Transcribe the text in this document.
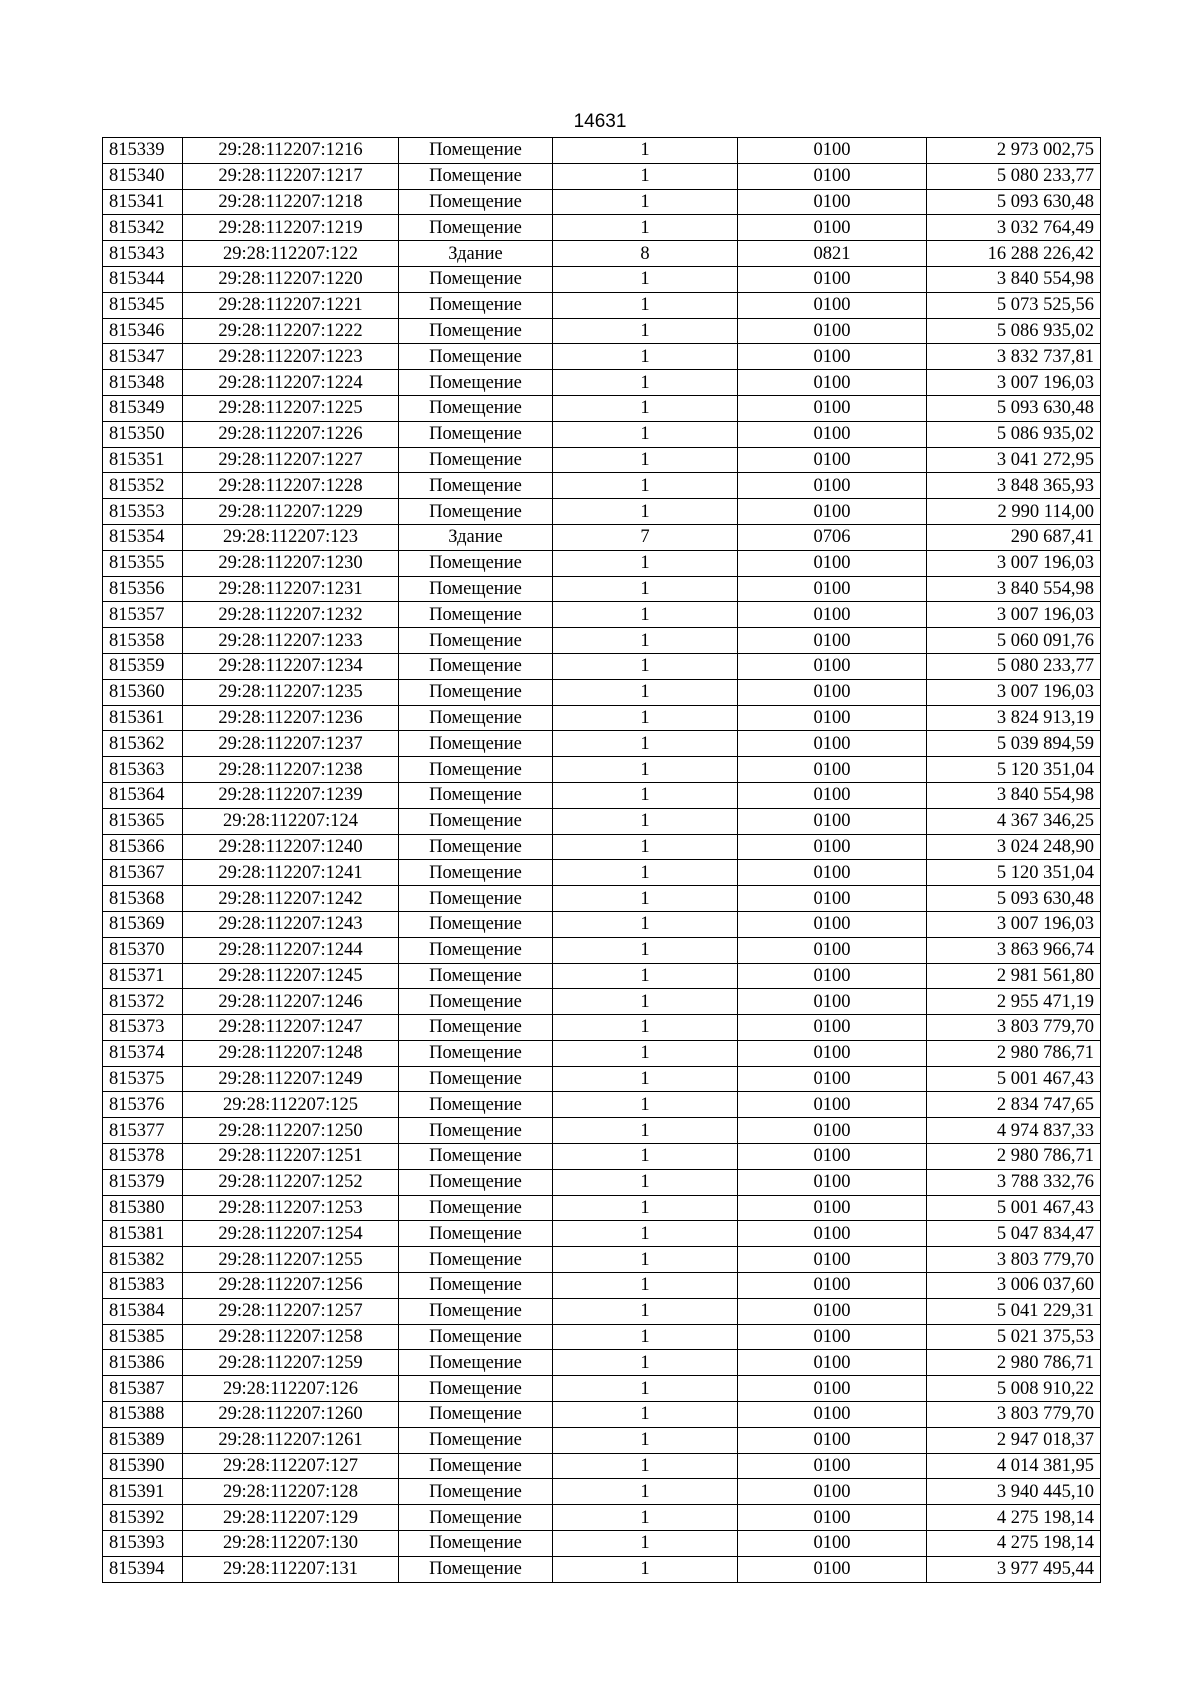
14631
815339	29:28:112207:1216	Помещение	1	0100	2 973 002,75
815340	29:28:112207:1217	Помещение	1	0100	5 080 233,77
815341	29:28:112207:1218	Помещение	1	0100	5 093 630,48
815342	29:28:112207:1219	Помещение	1	0100	3 032 764,49
815343	29:28:112207:122	Здание	8	0821	16 288 226,42
815344	29:28:112207:1220	Помещение	1	0100	3 840 554,98
815345	29:28:112207:1221	Помещение	1	0100	5 073 525,56
815346	29:28:112207:1222	Помещение	1	0100	5 086 935,02
815347	29:28:112207:1223	Помещение	1	0100	3 832 737,81
815348	29:28:112207:1224	Помещение	1	0100	3 007 196,03
815349	29:28:112207:1225	Помещение	1	0100	5 093 630,48
815350	29:28:112207:1226	Помещение	1	0100	5 086 935,02
815351	29:28:112207:1227	Помещение	1	0100	3 041 272,95
815352	29:28:112207:1228	Помещение	1	0100	3 848 365,93
815353	29:28:112207:1229	Помещение	1	0100	2 990 114,00
815354	29:28:112207:123	Здание	7	0706	290 687,41
815355	29:28:112207:1230	Помещение	1	0100	3 007 196,03
815356	29:28:112207:1231	Помещение	1	0100	3 840 554,98
815357	29:28:112207:1232	Помещение	1	0100	3 007 196,03
815358	29:28:112207:1233	Помещение	1	0100	5 060 091,76
815359	29:28:112207:1234	Помещение	1	0100	5 080 233,77
815360	29:28:112207:1235	Помещение	1	0100	3 007 196,03
815361	29:28:112207:1236	Помещение	1	0100	3 824 913,19
815362	29:28:112207:1237	Помещение	1	0100	5 039 894,59
815363	29:28:112207:1238	Помещение	1	0100	5 120 351,04
815364	29:28:112207:1239	Помещение	1	0100	3 840 554,98
815365	29:28:112207:124	Помещение	1	0100	4 367 346,25
815366	29:28:112207:1240	Помещение	1	0100	3 024 248,90
815367	29:28:112207:1241	Помещение	1	0100	5 120 351,04
815368	29:28:112207:1242	Помещение	1	0100	5 093 630,48
815369	29:28:112207:1243	Помещение	1	0100	3 007 196,03
815370	29:28:112207:1244	Помещение	1	0100	3 863 966,74
815371	29:28:112207:1245	Помещение	1	0100	2 981 561,80
815372	29:28:112207:1246	Помещение	1	0100	2 955 471,19
815373	29:28:112207:1247	Помещение	1	0100	3 803 779,70
815374	29:28:112207:1248	Помещение	1	0100	2 980 786,71
815375	29:28:112207:1249	Помещение	1	0100	5 001 467,43
815376	29:28:112207:125	Помещение	1	0100	2 834 747,65
815377	29:28:112207:1250	Помещение	1	0100	4 974 837,33
815378	29:28:112207:1251	Помещение	1	0100	2 980 786,71
815379	29:28:112207:1252	Помещение	1	0100	3 788 332,76
815380	29:28:112207:1253	Помещение	1	0100	5 001 467,43
815381	29:28:112207:1254	Помещение	1	0100	5 047 834,47
815382	29:28:112207:1255	Помещение	1	0100	3 803 779,70
815383	29:28:112207:1256	Помещение	1	0100	3 006 037,60
815384	29:28:112207:1257	Помещение	1	0100	5 041 229,31
815385	29:28:112207:1258	Помещение	1	0100	5 021 375,53
815386	29:28:112207:1259	Помещение	1	0100	2 980 786,71
815387	29:28:112207:126	Помещение	1	0100	5 008 910,22
815388	29:28:112207:1260	Помещение	1	0100	3 803 779,70
815389	29:28:112207:1261	Помещение	1	0100	2 947 018,37
815390	29:28:112207:127	Помещение	1	0100	4 014 381,95
815391	29:28:112207:128	Помещение	1	0100	3 940 445,10
815392	29:28:112207:129	Помещение	1	0100	4 275 198,14
815393	29:28:112207:130	Помещение	1	0100	4 275 198,14
815394	29:28:112207:131	Помещение	1	0100	3 977 495,44
